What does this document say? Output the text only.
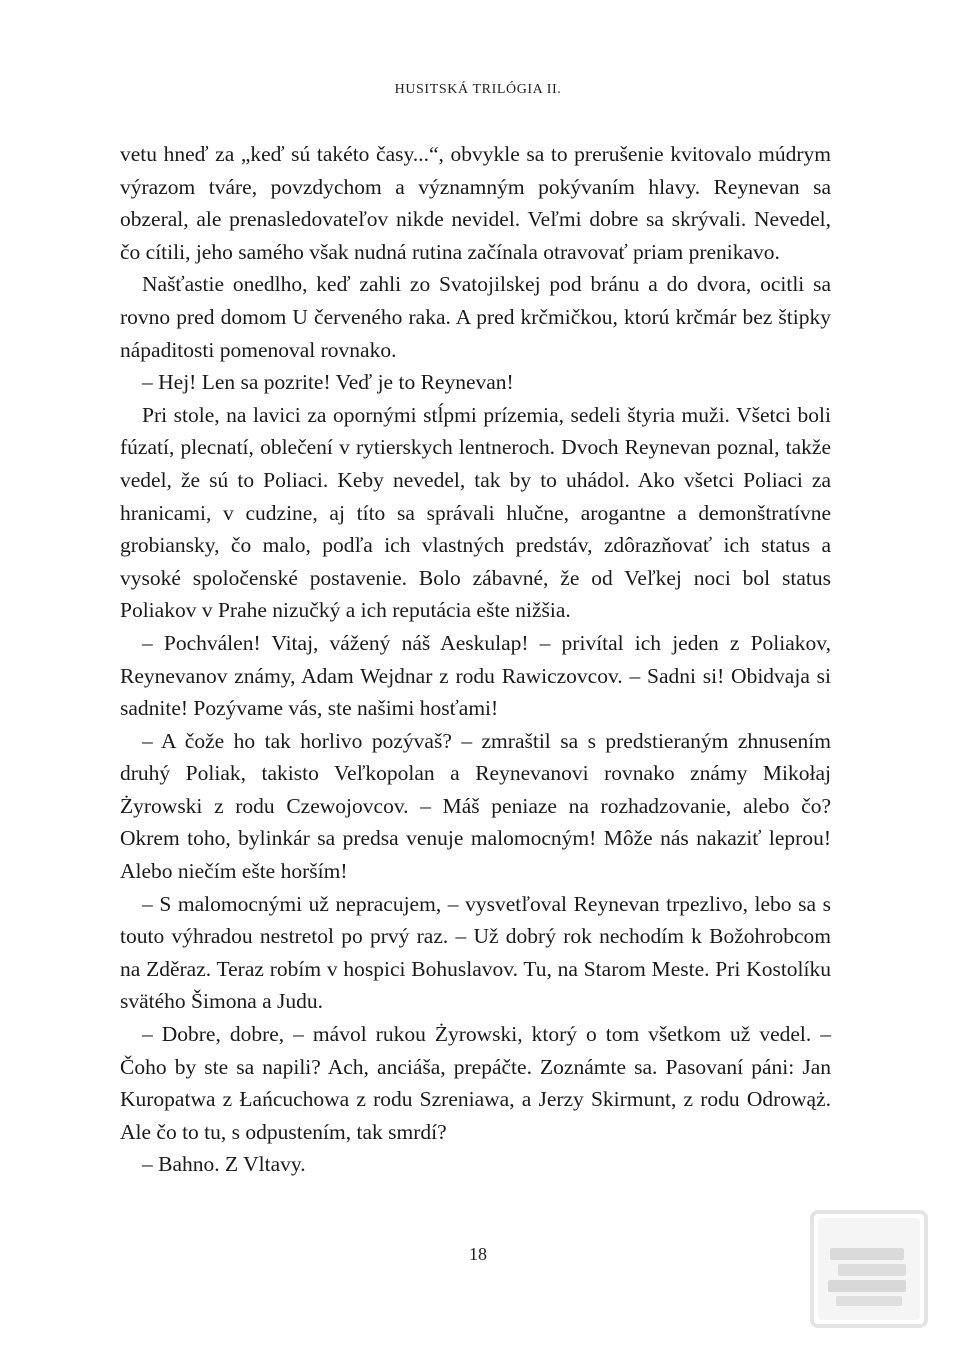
HUSITSKÁ TRILÓGIA II.

vetu hneď za „keď sú takéto časy...“, obvykle sa to prerušenie kvitovalo múdrym výrazom tváre, povzdychom a významným pokývaním hlavy. Reynevan sa obzeral, ale prenasledovateľov nikde nevidel. Veľmi dobre sa skrývali. Nevedel, čo cítili, jeho samého však nudná rutina začínala otravovať priam prenikavo.

Našťastie onedlho, keď zahli zo Svatojilskej pod bránu a do dvora, ocitli sa rovno pred domom U červeného raka. A pred krčmičkou, ktorú krčmár bez štipky nápaditosti pomenoval rovnako.

– Hej! Len sa pozrite! Veď je to Reynevan!

Pri stole, na lavici za opornými stĺpmi prízemia, sedeli štyria muži. Všetci boli fúzatí, plecnatí, oblečení v rytierskych lentneroch. Dvoch Reynevan poznal, takže vedel, že sú to Poliaci. Keby nevedel, tak by to uhádol. Ako všetci Poliaci za hranicami, v cudzine, aj títo sa správali hlučne, arogantne a demonštratívne grobiansky, čo malo, podľa ich vlastných predstáv, zdôrazňovať ich status a vysoké spoločenské postavenie. Bolo zábavné, že od Veľkej noci bol status Poliakov v Prahe nizučký a ich reputácia ešte nižšia.

– Pochválen! Vitaj, vážený náš Aeskulap! – privítal ich jeden z Poliakov, Reynevanov známy, Adam Wejdnar z rodu Rawiczovcov. – Sadni si! Obidvaja si sadnite! Pozývame vás, ste našimi hosťami!

– A čože ho tak horlivo pozývaš? – zmraštil sa s predstieraným zhnusením druhý Poliak, takisto Veľkopolan a Reynevanovi rovnako známy Mikołaj Żyrowski z rodu Czewojovcov. – Máš peniaze na rozhadzovanie, alebo čo? Okrem toho, bylinkár sa predsa venuje malomocným! Môže nás nakaziť leprou! Alebo niečím ešte horším!

– S malomocnými už nepracujem, – vysvetľoval Reynevan trpezlivo, lebo sa s touto výhradou nestretol po prvý raz. – Už dobrý rok nechodím k Božohrobcom na Zděraz. Teraz robím v hospici Bohuslavov. Tu, na Starom Meste. Pri Kostolíku svätého Šimona a Judu.

– Dobre, dobre, – mávol rukou Żyrowski, ktorý o tom všetkom už vedel. – Čoho by ste sa napili? Ach, anciáša, prepáčte. Zoznámte sa. Pasovaní páni: Jan Kuropatwa z Łańcuchowa z rodu Szreniawa, a Jerzy Skirmunt, z rodu Odrowąż. Ale čo to tu, s odpustením, tak smrdí?

– Bahno. Z Vltavy.

18
